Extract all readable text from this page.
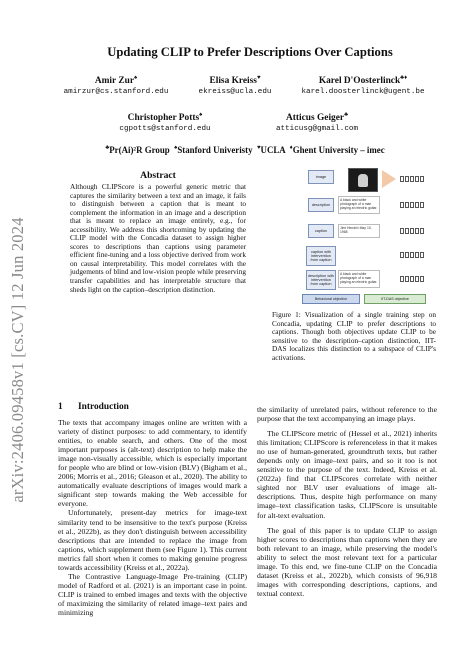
arXiv:2406.09458v1 [cs.CV] 12 Jun 2024
Updating CLIP to Prefer Descriptions Over Captions
Amir Zur♠
amirzur@cs.stanford.edu
Elisa Kreiss♥
ekreiss@ucla.edu
Karel D'Oosterlinck♣♦
karel.doosterlinck@ugent.be
Christopher Potts♠
cgpotts@stanford.edu
Atticus Geiger♣
atticusg@gmail.com
♣Pr(Ai)²R Group ♠Stanford Univeristy ♥UCLA ♦Ghent University – imec
Abstract
Although CLIPScore is a powerful generic metric that captures the similarity between a text and an image, it fails to distinguish between a caption that is meant to complement the information in an image and a description that is meant to replace an image entirely, e.g., for accessibility. We address this shortcoming by updating the CLIP model with the Concadia dataset to assign higher scores to descriptions than captions using parameter efficient fine-tuning and a loss objective derived from work on causal interpretability. This model correlates with the judgements of blind and low-vision people while preserving transfer capabilities and has interpretable structure that sheds light on the caption–description distinction.
1 Introduction

The texts that accompany images online are written with a variety of distinct purposes: to add commentary, to identify entities, to enable search, and others. One of the most important purposes is (alt-text) description to help make the image non-visually accessible, which is especially important for people who are blind or low-vision (BLV) (Bigham et al., 2006; Morris et al., 2016; Gleason et al., 2020). The ability to automatically evaluate descriptions of images would mark a significant step towards making the Web accessible for everyone.

Unfortunately, present-day metrics for image-text similarity tend to be insensitive to the text's purpose (Kreiss et al., 2022b), as they don't distinguish between accessibility descriptions that are intended to replace the image from captions, which supplement them (see Figure 1). This current metrics fall short when it comes to making genuine progress towards accessibility (Kreiss et al., 2022a).

The Contrastive Language-Image Pre-training (CLIP) model of Radford et al. (2021) is an important case in point. CLIP is trained to embed images and texts with the objective of maximizing the similarity of related image–text pairs and minimizing

image
description
A black and white photograph of a man playing an electric guitar.
caption
Jimi Hendrix May 10, 1968
caption with intervention from caption
description with intervention from caption
A black and white photograph of a man playing an electric guitar.
Behavioral objective	IIT-DAS objective
Figure 1: Visualization of a single training step on Concadia, updating CLIP to prefer descriptions to captions. Though both objectives update CLIP to be sensitive to the description–caption distinction, IIT-DAS localizes this distinction to a subspace of CLIP's activations.

the similarity of unrelated pairs, without reference to the purpose that the text accompanying an image plays.

The CLIPScore metric of (Hessel et al., 2021) inherits this limitation; CLIPScore is referenceless in that it makes no use of human-generated, groundtruth texts, but rather depends only on image–text pairs, and so it too is not sensitive to the purpose of the text. Indeed, Kreiss et al. (2022a) find that CLIPScores correlate with neither sighted nor BLV user evaluations of image alt-descriptions. Thus, despite high performance on many image–text classification tasks, CLIPScore is unsuitable for alt-text evaluation.

The goal of this paper is to update CLIP to assign higher scores to descriptions than captions when they are both relevant to an image, while preserving the model's ability to select the most relevant text for a particular image. To this end, we fine-tune CLIP on the Concadia dataset (Kreiss et al., 2022b), which consists of 96,918 images with corresponding descriptions, captions, and textual context.
